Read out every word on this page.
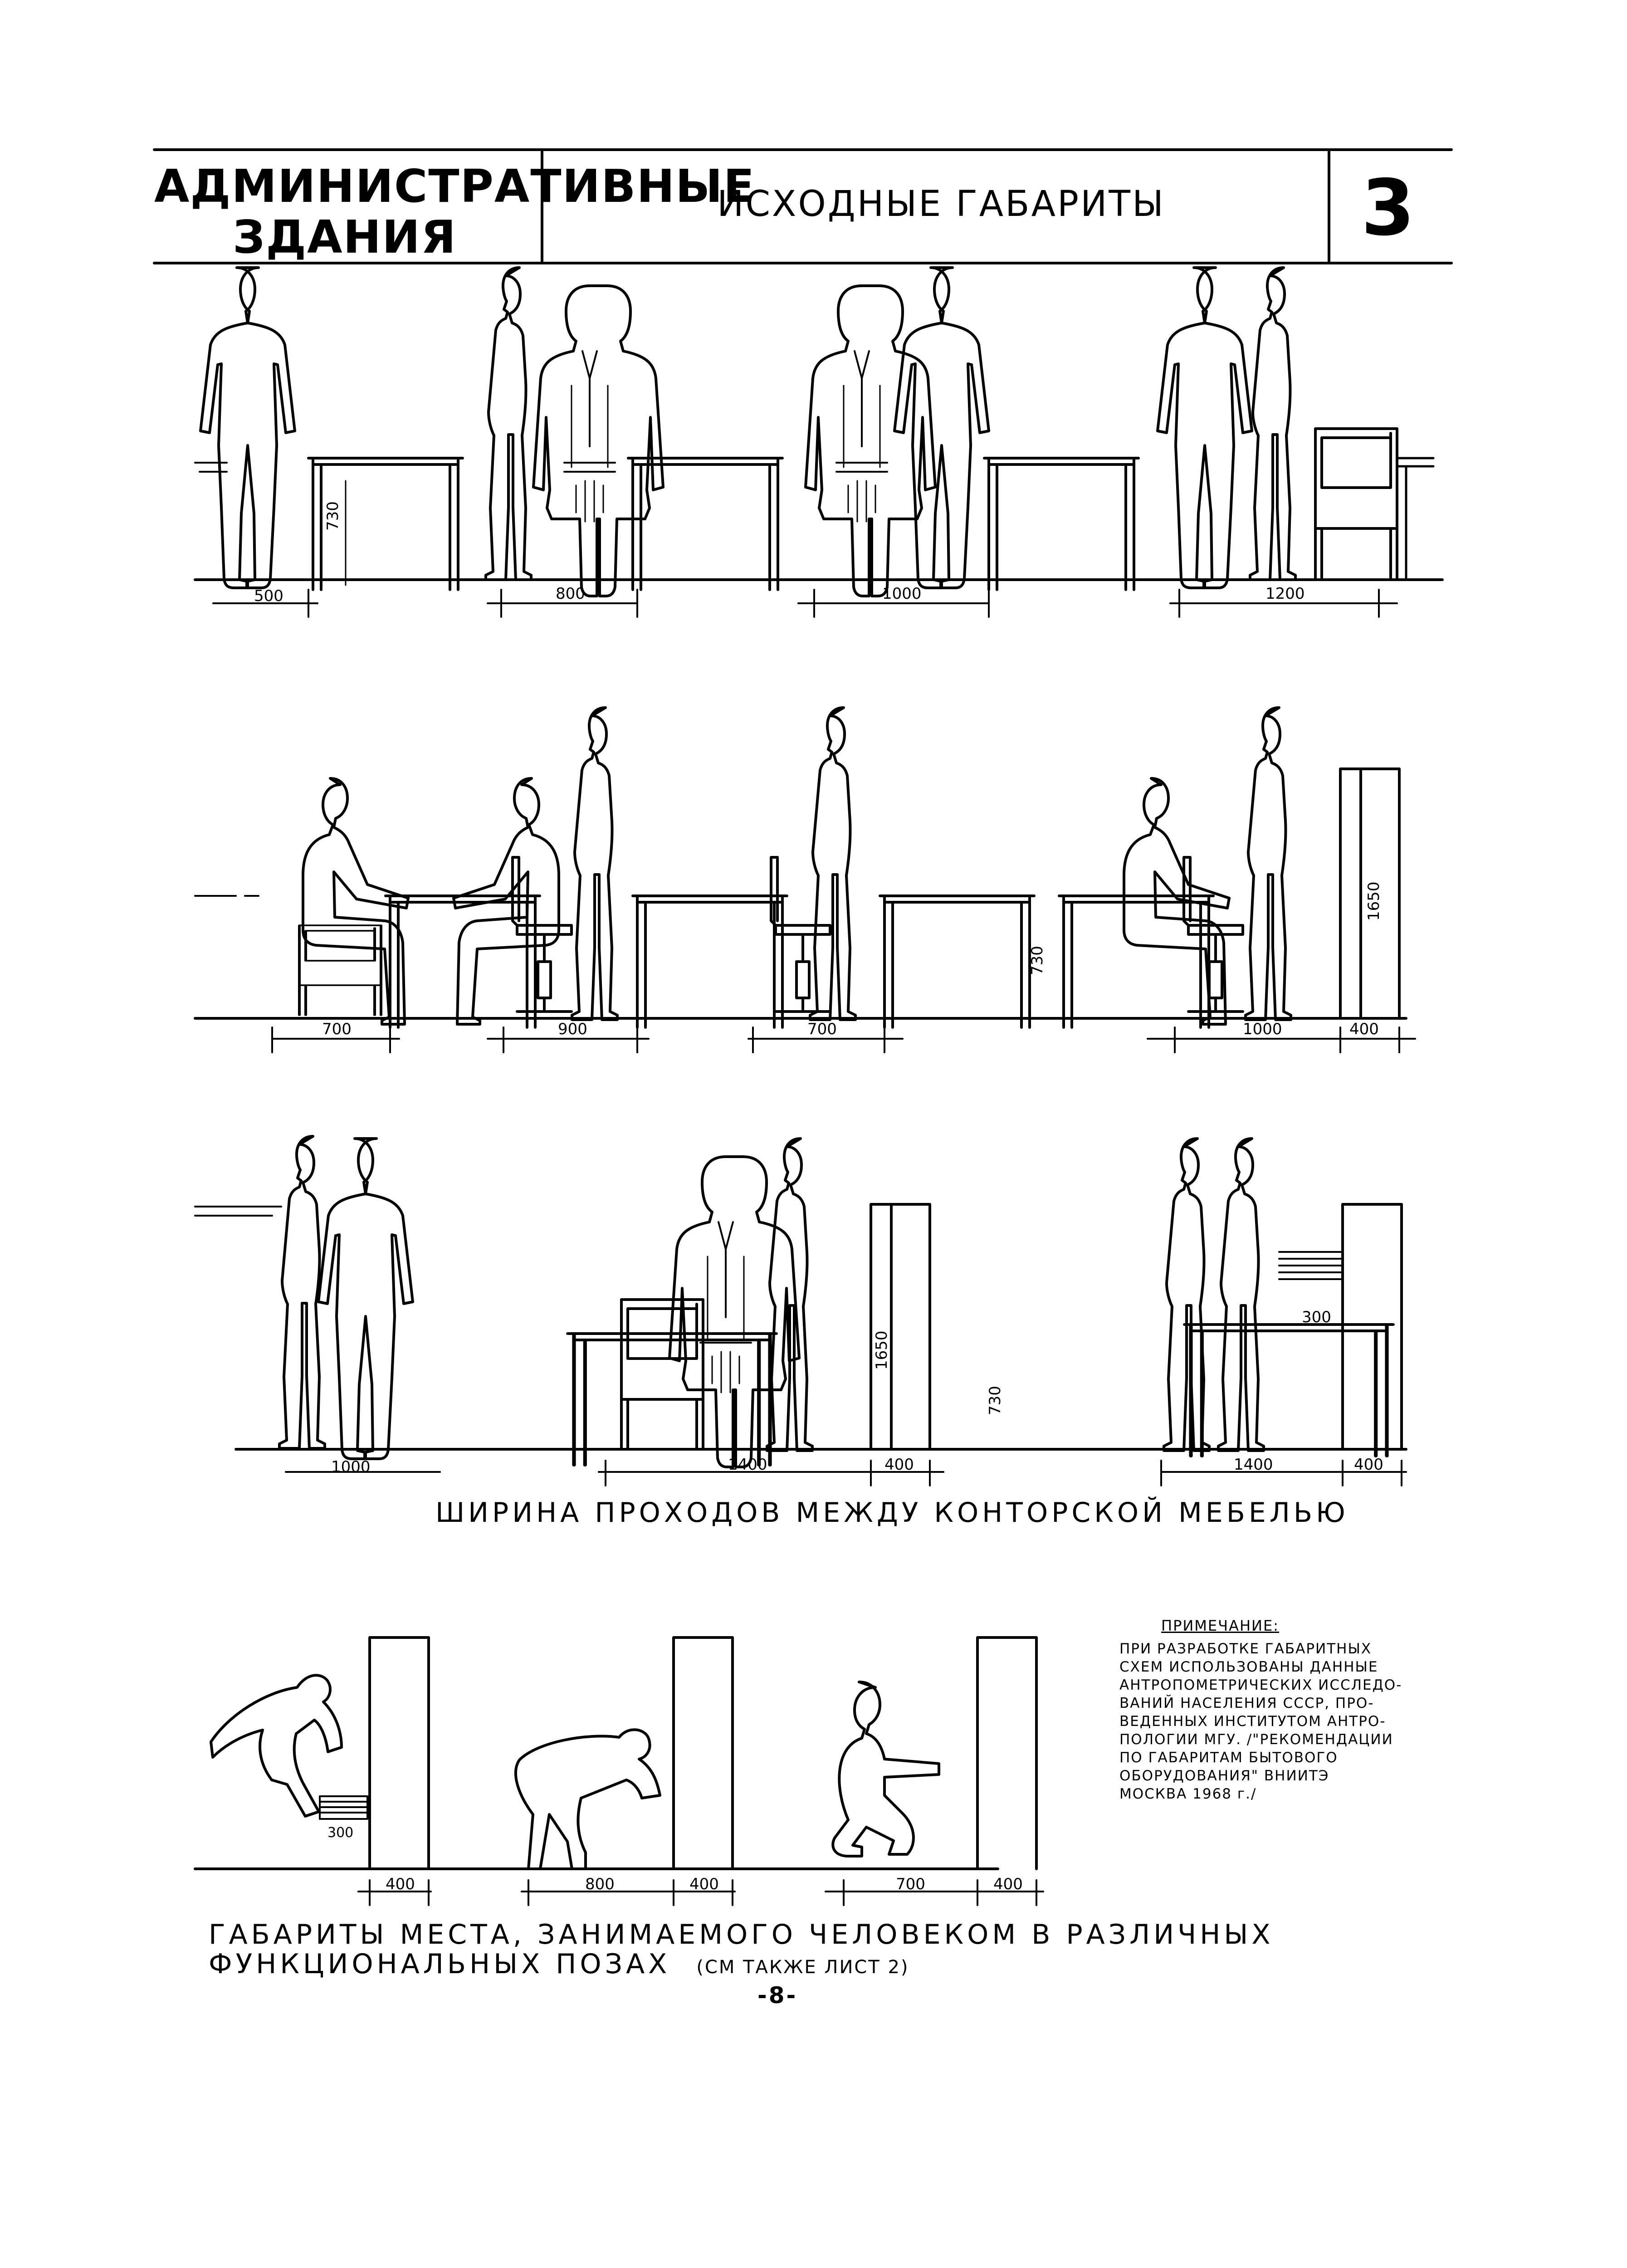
730
500	800	1000	1200
730
1650
700	900	700	1000	400
1650
730
300
1000	1400	400	1400	400
300
400	800	400	700	400
АДМИНИСТРАТИВНЫЕ
ЗДАНИЯ
ИСХОДНЫЕ ГАБАРИТЫ	3
ШИРИНА ПРОХОДОВ МЕЖДУ КОНТОРСКОЙ МЕБЕЛЬЮ
ГАБАРИТЫ МЕСТА, ЗАНИМАЕМОГО ЧЕЛОВЕКОМ В РАЗЛИЧНЫХ
ФУНКЦИОНАЛЬНЫХ ПОЗАХ (СМ ТАКЖЕ ЛИСТ 2)
ПРИМЕЧАНИЕ:
ПРИ РАЗРАБОТКЕ ГАБАРИТНЫХ
СХЕМ ИСПОЛЬЗОВАНЫ ДАННЫЕ
АНТРОПОМЕТРИЧЕСКИХ ИССЛЕДО-
ВАНИЙ НАСЕЛЕНИЯ СССР, ПРО-
ВЕДЕННЫХ ИНСТИТУТОМ АНТРО-
ПОЛОГИИ МГУ. /"РЕКОМЕНДАЦИИ
ПО ГАБАРИТАМ БЫТОВОГО
ОБОРУДОВАНИЯ" ВНИИТЭ
МОСКВА 1968 г./
-8-
